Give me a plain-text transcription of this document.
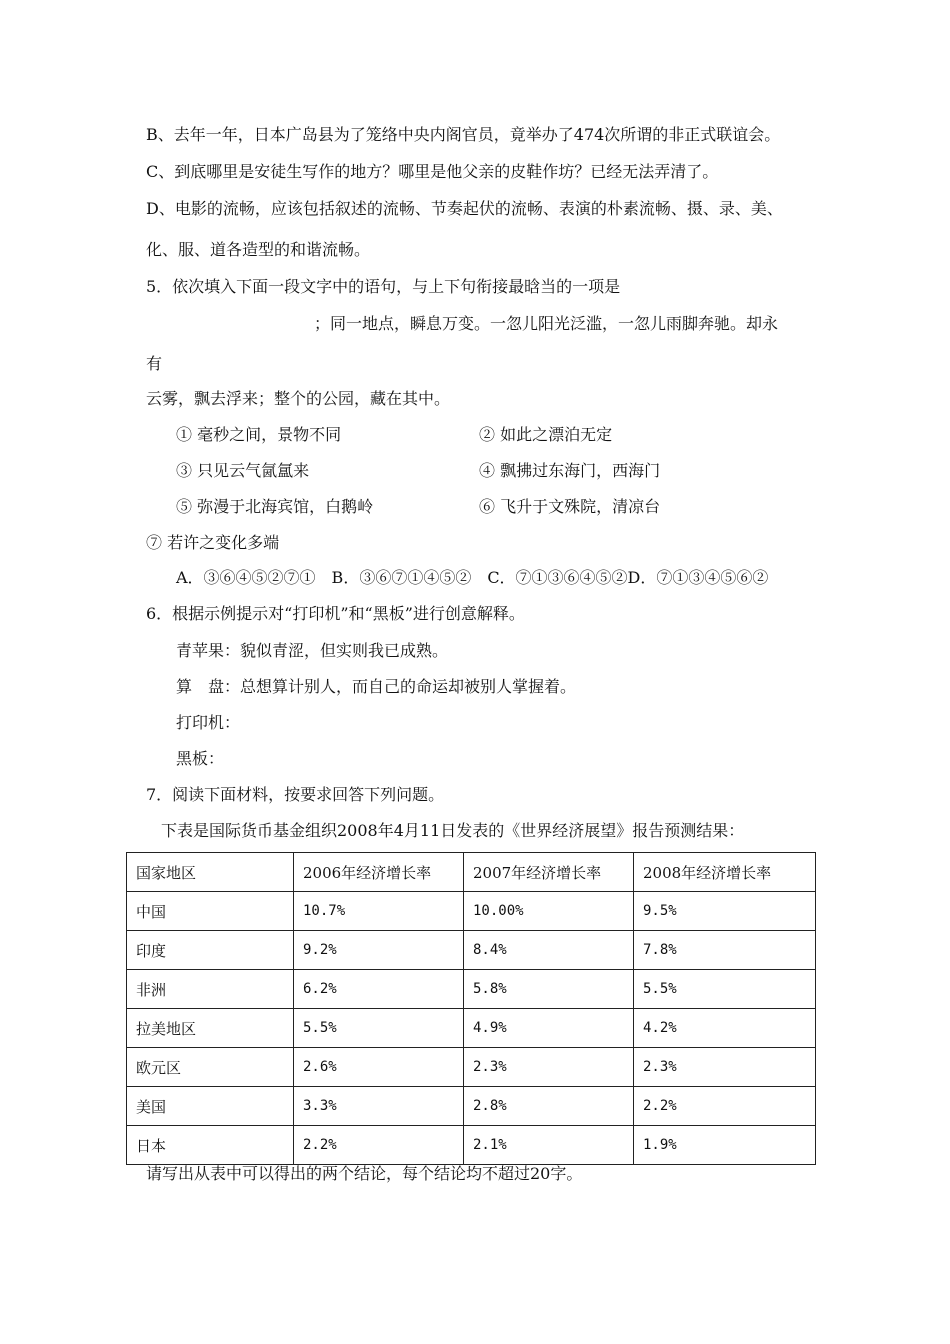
B、去年一年，日本广岛县为了笼络中央内阁官员，竟举办了474次所谓的非正式联谊会。
C、到底哪里是安徒生写作的地方？哪里是他父亲的皮鞋作坊？已经无法弄清了。
D、电影的流畅，应该包括叙述的流畅、节奏起伏的流畅、表演的朴素流畅、摄、录、美、
化、服、道各造型的和谐流畅。
5．依次填入下面一段文字中的语句，与上下句衔接最晗当的一项是
；同一地点，瞬息万变。一忽儿阳光泛滥，一忽儿雨脚奔驰。却永
有
云雾，飘去浮来；整个的公园，藏在其中。
① 毫秒之间，景物不同	② 如此之漂泊无定
③ 只见云气氤氲来	④ 飘拂过东海门，西海门
⑤ 弥漫于北海宾馆，白鹅岭	⑥ 飞升于文殊院，清凉台
⑦ 若许之变化多端
A．③⑥④⑤②⑦①　B．③⑥⑦①④⑤②　C．⑦①③⑥④⑤②D．⑦①③④⑤⑥②
6．根据示例提示对“打印机”和“黑板”进行创意解释。
青苹果：貌似青涩，但实则我已成熟。
算　盘：总想算计别人，而自己的命运却被别人掌握着。
打印机：
黑板：
7．阅读下面材料，按要求回答下列问题。
下表是国际货币基金组织2008年4月11日发表的《世界经济展望》报告预测结果：
国家地区	2006年经济增长率	2007年经济增长率	2008年经济增长率
中国	10.7%	10.00%	9.5%
印度	9.2%	8.4%	7.8%
非洲	6.2%	5.8%	5.5%
拉美地区	5.5%	4.9%	4.2%
欧元区	2.6%	2.3%	2.3%
美国	3.3%	2.8%	2.2%
日本	2.2%	2.1%	1.9%
请写出从表中可以得出的两个结论，每个结论均不超过20字。
